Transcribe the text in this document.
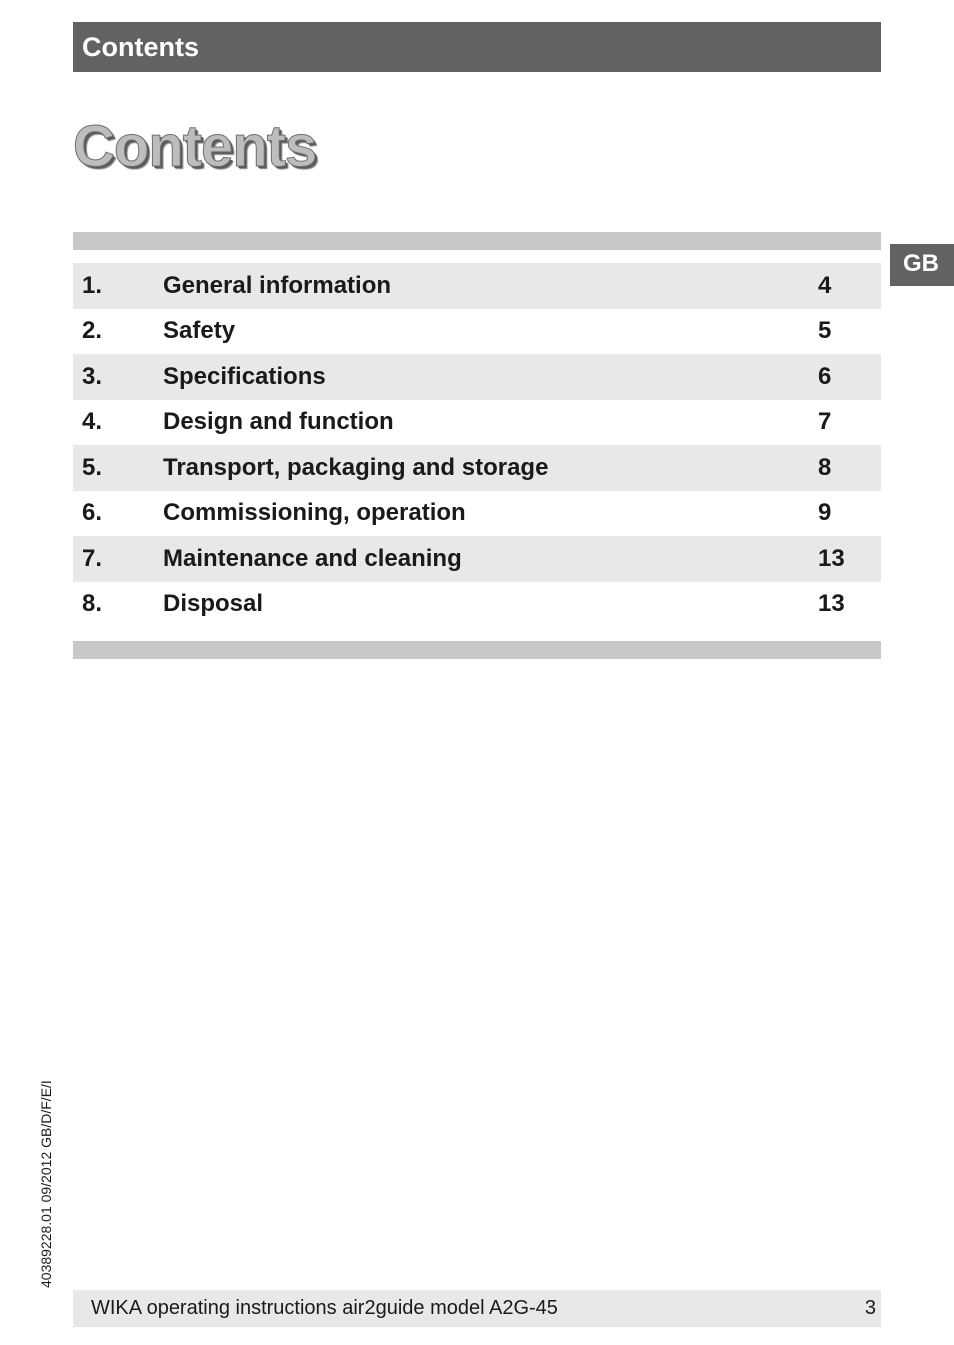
Contents
Contents
GB
1.	General information	4
2.	Safety	5
3.	Specifications	6
4.	Design and function	7
5.	Transport, packaging and storage	8
6.	Commissioning, operation	9
7.	Maintenance and cleaning	13
8.	Disposal	13
40389228.01 09/2012 GB/D/F/E/I
WIKA operating instructions air2guide model A2G-45	3
